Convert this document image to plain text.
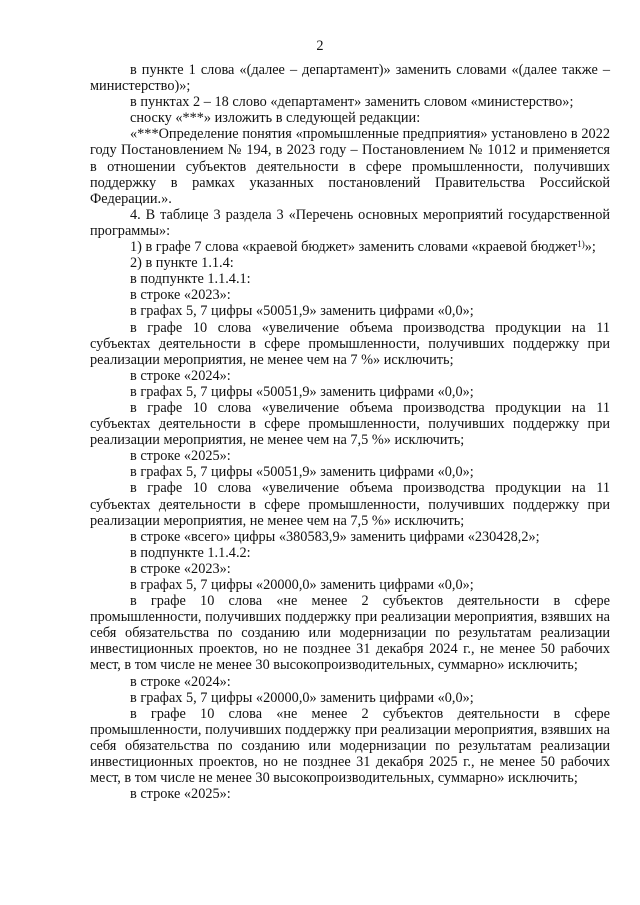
2

в пункте 1 слова «(далее – департамент)» заменить словами «(далее также – министерство)»;

в пунктах 2 – 18 слово «департамент» заменить словом «министерство»;

сноску «***» изложить в следующей редакции:

«***Определение понятия «промышленные предприятия» установлено в 2022 году Постановлением № 194, в 2023 году – Постановлением № 1012 и применяется в отношении субъектов деятельности в сфере промышленности, получивших поддержку в рамках указанных постановлений Правительства Российской Федерации.».

4. В таблице 3 раздела 3 «Перечень основных мероприятий государственной программы»:

1) в графе 7 слова «краевой бюджет» заменить словами «краевой бюджет$^{1)}$»;

2) в пункте 1.1.4:

в подпункте 1.1.4.1:

в строке «2023»:

в графах 5, 7 цифры «50051,9» заменить цифрами «0,0»;

в графе 10 слова «увеличение объема производства продукции на 11 субъектах деятельности в сфере промышленности, получивших поддержку при реализации мероприятия, не менее чем на 7 %» исключить;

в строке «2024»:

в графах 5, 7 цифры «50051,9» заменить цифрами «0,0»;

в графе 10 слова «увеличение объема производства продукции на 11 субъектах деятельности в сфере промышленности, получивших поддержку при реализации мероприятия, не менее чем на 7,5 %» исключить;

в строке «2025»:

в графах 5, 7 цифры «50051,9» заменить цифрами «0,0»;

в графе 10 слова «увеличение объема производства продукции на 11 субъектах деятельности в сфере промышленности, получивших поддержку при реализации мероприятия, не менее чем на 7,5 %» исключить;

в строке «всего» цифры «380583,9» заменить цифрами «230428,2»;

в подпункте 1.1.4.2:

в строке «2023»:

в графах 5, 7 цифры «20000,0» заменить цифрами «0,0»;

в графе 10 слова «не менее 2 субъектов деятельности в сфере промышленности, получивших поддержку при реализации мероприятия, взявших на себя обязательства по созданию или модернизации по результатам реализации инвестиционных проектов, но не позднее 31 декабря 2024 г., не менее 50 рабочих мест, в том числе не менее 30 высокопроизводительных, суммарно» исключить;

в строке «2024»:

в графах 5, 7 цифры «20000,0» заменить цифрами «0,0»;

в графе 10 слова «не менее 2 субъектов деятельности в сфере промышленности, получивших поддержку при реализации мероприятия, взявших на себя обязательства по созданию или модернизации по результатам реализации инвестиционных проектов, но не позднее 31 декабря 2025 г., не менее 50 рабочих мест, в том числе не менее 30 высокопроизводительных, суммарно» исключить;

в строке «2025»:
